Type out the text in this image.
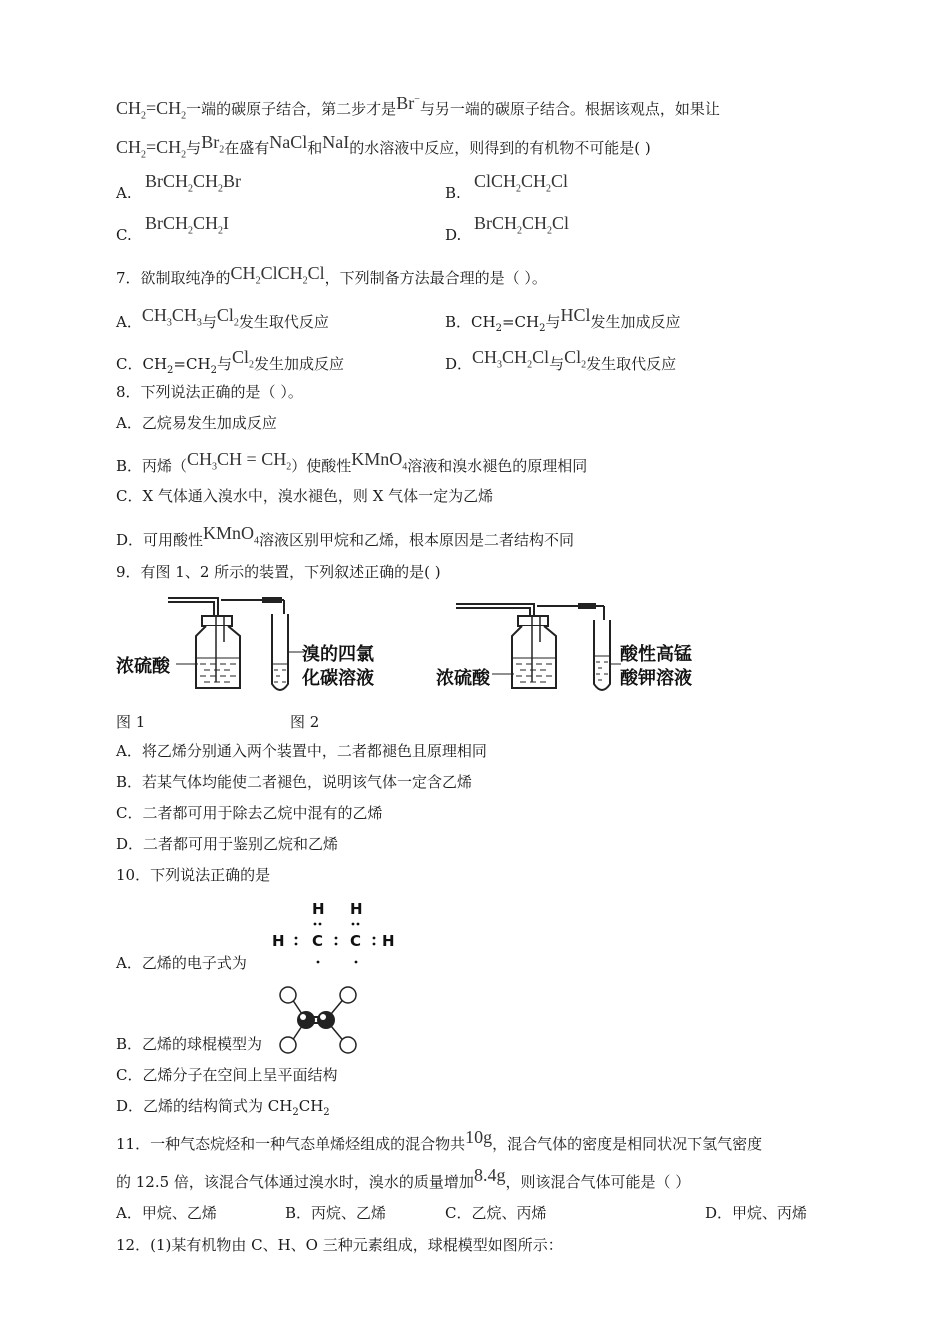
$CH_2=CH_2$一端的碳原子结合，第二步才是Br−与另一端的碳原子结合。根据该观点，如果让
$CH_2=CH_2$与$Br_2$在盛有NaCl和NaI的水溶液中反应，则得到的有机物不可能是( )
A.
$BrCH_2CH_2Br$
B.
$ClCH_2CH_2Cl$
C.
$BrCH_2CH_2I$
D.
$BrCH_2CH_2Cl$
7．欲制取纯净的$CH_2ClCH_2Cl$，下列制备方法最合理的是（ ）。
A．$CH_3CH_3$与$Cl_2$发生取代反应	B．$CH_2=CH_2$与HCl发生加成反应
C．$CH_2=CH_2$与$Cl_2$发生加成反应	D．$CH_3CH_2Cl$与$Cl_2$发生取代反应
8．下列说法正确的是（ ）。
A．乙烷易发生加成反应
B．丙烯$(CH_3CH = CH_2)$使酸性KMnO$_4$溶液和溴水褪色的原理相同
C．X 气体通入溴水中，溴水褪色，则 X 气体一定为乙烯
D．可用酸性KMnO$_4$溶液区别甲烷和乙烯，根本原因是二者结构不同
9．有图 1、2 所示的装置，下列叙述正确的是( )
浓硫酸
溴的四氯
化碳溶液	浓硫酸
酸性高锰
酸钾溶液
图 1	图 2
A．将乙烯分别通入两个装置中，二者都褪色且原理相同
B．若某气体均能使二者褪色，说明该气体一定含乙烯
C．二者都可用于除去乙烷中混有的乙烯
D．二者都可用于鉴别乙烷和乙烯
10．下列说法正确的是
H H
H C C H
A．乙烯的电子式为
B．乙烯的球棍模型为
C．乙烯分子在空间上呈平面结构
D．乙烯的结构简式为 $CH_2CH_2$
11．一种气态烷烃和一种气态单烯烃组成的混合物共10g，混合气体的密度是相同状况下氢气密度
的 12.5 倍，该混合气体通过溴水时，溴水的质量增加8.4g，则该混合气体可能是（ ）
A．甲烷、乙烯	B．丙烷、乙烯	C．乙烷、丙烯	D．甲烷、丙烯
12．(1)某有机物由 C、H、O 三种元素组成，球棍模型如图所示：
